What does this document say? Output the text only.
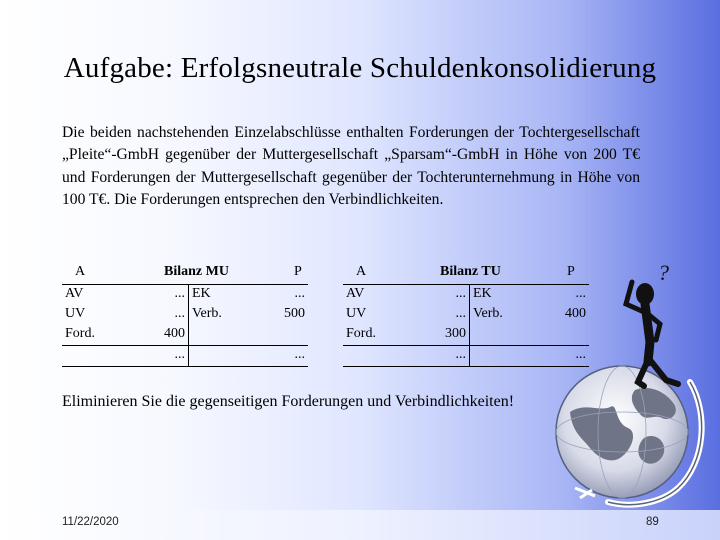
Aufgabe: Erfolgsneutrale Schuldenkonsolidierung
Die beiden nachstehenden Einzelabschlüsse enthalten Forderungen der Tochtergesellschaft „Pleite“-GmbH gegenüber der Muttergesellschaft „Sparsam“-GmbH in Höhe von 200 T€ und Forderungen der Muttergesellschaft gegenüber der Tochterunternehmung in Höhe von 100 T€. Die Forderungen entsprechen den Verbindlichkeiten.
A	Bilanz MU	P
AV	...	EK	...
UV	...	Verb.	500
Ford.	400		
	...		...
A	Bilanz TU	P
AV	...	EK	...
UV	...	Verb.	400
Ford.	300		
	...		...
?
Eliminieren Sie die gegenseitigen Forderungen und Verbindlichkeiten!
11/22/2020	89
